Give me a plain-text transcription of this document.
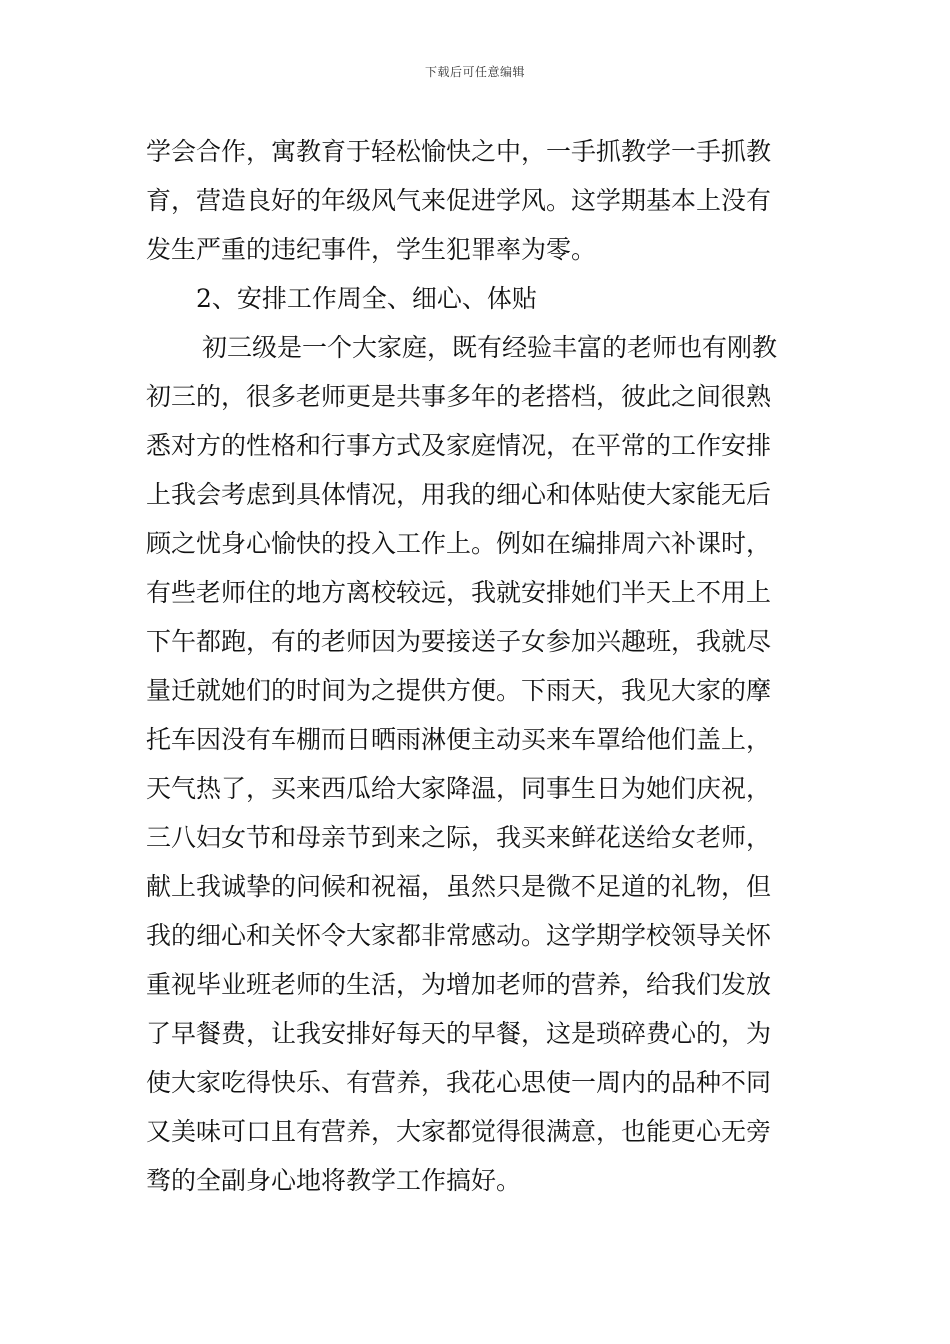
下载后可任意编辑
学会合作，寓教育于轻松愉快之中，一手抓教学一手抓教
育，营造良好的年级风气来促进学风。这学期基本上没有
发生严重的违纪事件，学生犯罪率为零。
2、安排工作周全、细心、体贴
初三级是一个大家庭，既有经验丰富的老师也有刚教
初三的，很多老师更是共事多年的老搭档，彼此之间很熟
悉对方的性格和行事方式及家庭情况，在平常的工作安排
上我会考虑到具体情况，用我的细心和体贴使大家能无后
顾之忧身心愉快的投入工作上。例如在编排周六补课时，
有些老师住的地方离校较远，我就安排她们半天上不用上
下午都跑，有的老师因为要接送子女参加兴趣班，我就尽
量迁就她们的时间为之提供方便。下雨天，我见大家的摩
托车因没有车棚而日晒雨淋便主动买来车罩给他们盖上，
天气热了，买来西瓜给大家降温，同事生日为她们庆祝，
三八妇女节和母亲节到来之际，我买来鲜花送给女老师，
献上我诚挚的问候和祝福，虽然只是微不足道的礼物，但
我的细心和关怀令大家都非常感动。这学期学校领导关怀
重视毕业班老师的生活，为增加老师的营养，给我们发放
了早餐费，让我安排好每天的早餐，这是琐碎费心的，为
使大家吃得快乐、有营养，我花心思使一周内的品种不同
又美味可口且有营养，大家都觉得很满意，也能更心无旁
骛的全副身心地将教学工作搞好。
